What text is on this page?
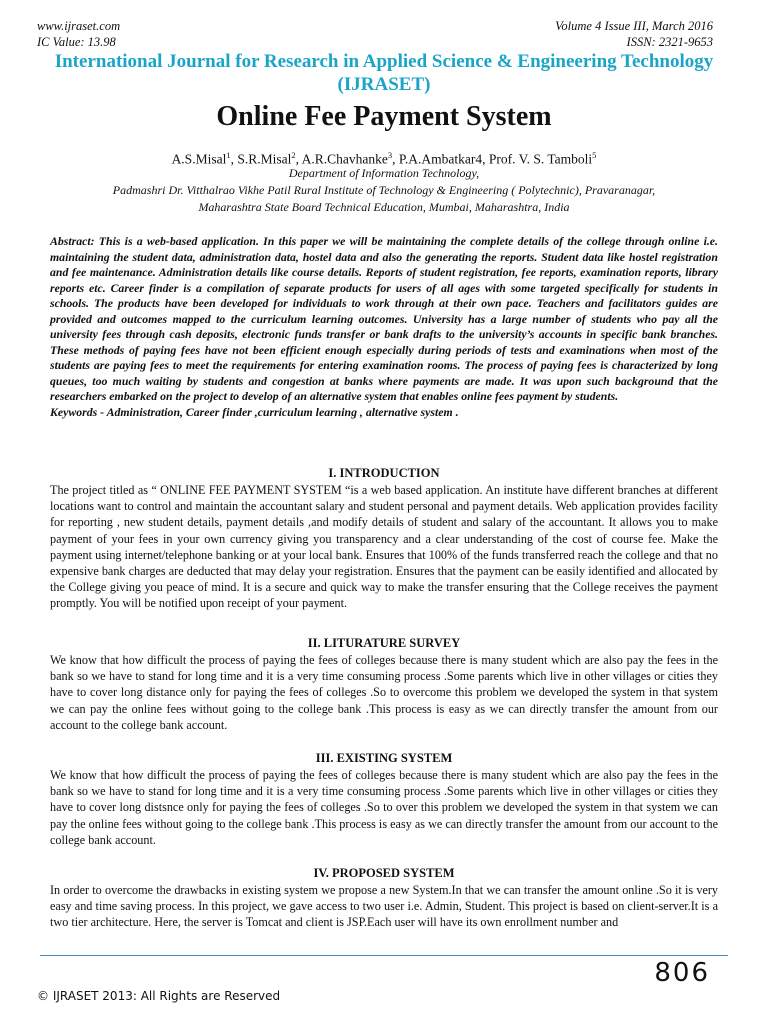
www.ijraset.com
IC Value: 13.98
Volume 4 Issue III, March 2016
ISSN: 2321-9653
International Journal for Research in Applied Science & Engineering Technology (IJRASET)
Online Fee Payment System
A.S.Misal$^1$, S.R.Misal$^2$, A.R.Chavhanke$^3$, P.A.Ambatkar4, Prof. V. S. Tamboli$^5$
Department of Information Technology,
Padmashri Dr. Vitthalrao Vikhe Patil Rural Institute of Technology & Engineering ( Polytechnic), Pravaranagar,
Maharashtra State Board Technical Education, Mumbai, Maharashtra, India

Abstract: This is a web-based application. In this paper we will be maintaining the complete details of the college through online i.e. maintaining the student data, administration data, hostel data and also the generating the reports. Student data like hostel registration and fee maintenance. Administration details like course details. Reports of student registration, fee reports, examination reports, library reports etc. Career finder is a compilation of separate products for users of all ages with some targeted specifically for students in schools. The products have been developed for individuals to work through at their own pace. Teachers and facilitators guides are provided and outcomes mapped to the curriculum learning outcomes. University has a large number of students who pay all the university fees through cash deposits, electronic funds transfer or bank drafts to the university’s accounts in specific bank branches. These methods of paying fees have not been efficient enough especially during periods of tests and examinations when most of the students are paying fees to meet the requirements for entering examination rooms. The process of paying fees is characterized by long queues, too much waiting by students and congestion at banks where payments are made. It was upon such background that the researchers embarked on the project to develop of an alternative system that enables online fees payment by students.

Keywords - Administration, Career finder ,curriculum learning , alternative system .

I. INTRODUCTION

The project titled as “ ONLINE FEE PAYMENT SYSTEM “is a web based application. An institute have different branches at different locations want to control and maintain the accountant salary and student personal and payment details. Web application provides facility for reporting , new student details, payment details ,and modify details of student and salary of the accountant. It allows you to make payment of your fees in your own currency giving you transparency and a clear understanding of the cost of course fee. Make the payment using internet/telephone banking or at your local bank. Ensures that 100% of the funds transferred reach the college and that no expensive bank charges are deducted that may delay your registration. Ensures that the payment can be easily identified and allocated by the College giving you peace of mind. It is a secure and quick way to make the transfer ensuring that the College receives the payment promptly. You will be notified upon receipt of your payment.

II. LITURATURE SURVEY

We know that how difficult the process of paying the fees of colleges because there is many student which are also pay the fees in the bank so we have to stand for long time and it is a very time consuming process .Some parents which live in other villages or cities they have to cover long distance only for paying the fees of colleges .So to overcome this problem we developed the system in that system we can pay the online fees without going to the college bank .This process is easy as we can directly transfer the amount from our account to the college bank account.

III. EXISTING SYSTEM

We know that how difficult the process of paying the fees of colleges because there is many student which are also pay the fees in the bank so we have to stand for long time and it is a very time consuming process .Some parents which live in other villages or cities they have to cover long distsnce only for paying the fees of colleges .So to over this problem we developed the system in that system we can pay the online fees without going to the college bank .This process is easy as we can directly transfer the amount from our account to the college bank account.

IV. PROPOSED SYSTEM

In order to overcome the drawbacks in existing system we propose a new System.In that we can transfer the amount online .So it is very easy and time saving process. In this project, we gave access to two user i.e. Admin, Student. This project is based on client-server.It is a two tier architecture. Here, the server is Tomcat and client is JSP.Each user will have its own enrollment number and

806
© IJRASET 2013: All Rights are Reserved
